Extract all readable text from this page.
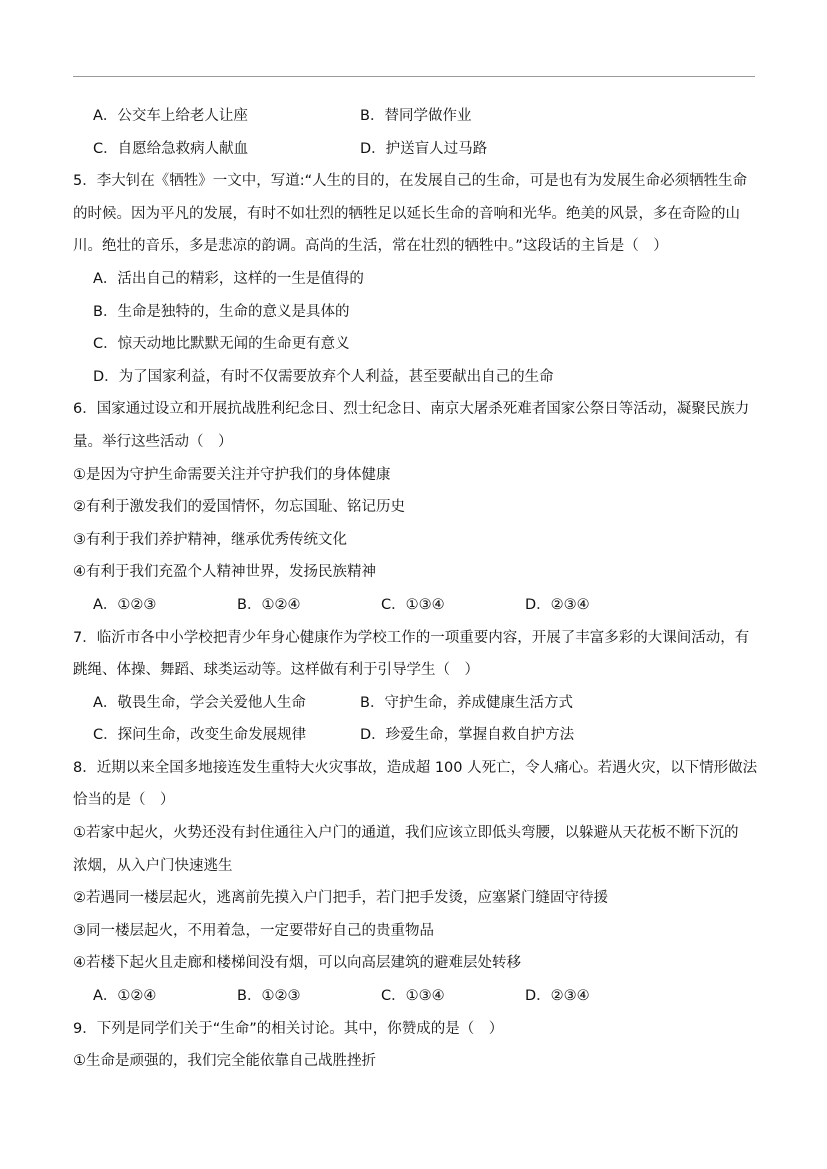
A．公交车上给老人让座	B．替同学做作业
C．自愿给急救病人献血	D．护送盲人过马路
5．李大钊在《牺牲》一文中，写道:“人生的目的，在发展自己的生命，可是也有为发展生命必须牺牲生命
的时候。因为平凡的发展，有时不如壮烈的牺牲足以延长生命的音响和光华。绝美的风景，多在奇险的山
川。绝壮的音乐，多是悲凉的韵调。高尚的生活，常在壮烈的牺牲中。”这段话的主旨是（　）
A．活出自己的精彩，这样的一生是值得的
B．生命是独特的，生命的意义是具体的
C．惊天动地比默默无闻的生命更有意义
D．为了国家利益，有时不仅需要放弃个人利益，甚至要献出自己的生命
6．国家通过设立和开展抗战胜利纪念日、烈士纪念日、南京大屠杀死难者国家公祭日等活动，凝聚民族力
量。举行这些活动（　）
①是因为守护生命需要关注并守护我们的身体健康
②有利于激发我们的爱国情怀，勿忘国耻、铭记历史
③有利于我们养护精神，继承优秀传统文化
④有利于我们充盈个人精神世界，发扬民族精神
A．①②③	B．①②④	C．①③④	D．②③④
7．临沂市各中小学校把青少年身心健康作为学校工作的一项重要内容，开展了丰富多彩的大课间活动，有
跳绳、体操、舞蹈、球类运动等。这样做有利于引导学生（　）
A．敬畏生命，学会关爱他人生命	B．守护生命，养成健康生活方式
C．探问生命，改变生命发展规律	D．珍爱生命，掌握自救自护方法
8．近期以来全国多地接连发生重特大火灾事故，造成超 100 人死亡，令人痛心。若遇火灾，以下情形做法
恰当的是（　）
①若家中起火，火势还没有封住通往入户门的通道，我们应该立即低头弯腰，以躲避从天花板不断下沉的
浓烟，从入户门快速逃生
②若遇同一楼层起火，逃离前先摸入户门把手，若门把手发烫，应塞紧门缝固守待援
③同一楼层起火，不用着急，一定要带好自己的贵重物品
④若楼下起火且走廊和楼梯间没有烟，可以向高层建筑的避难层处转移
A．①②④	B．①②③	C．①③④	D．②③④
9．下列是同学们关于“生命”的相关讨论。其中，你赞成的是（　）
①生命是顽强的，我们完全能依靠自己战胜挫折
